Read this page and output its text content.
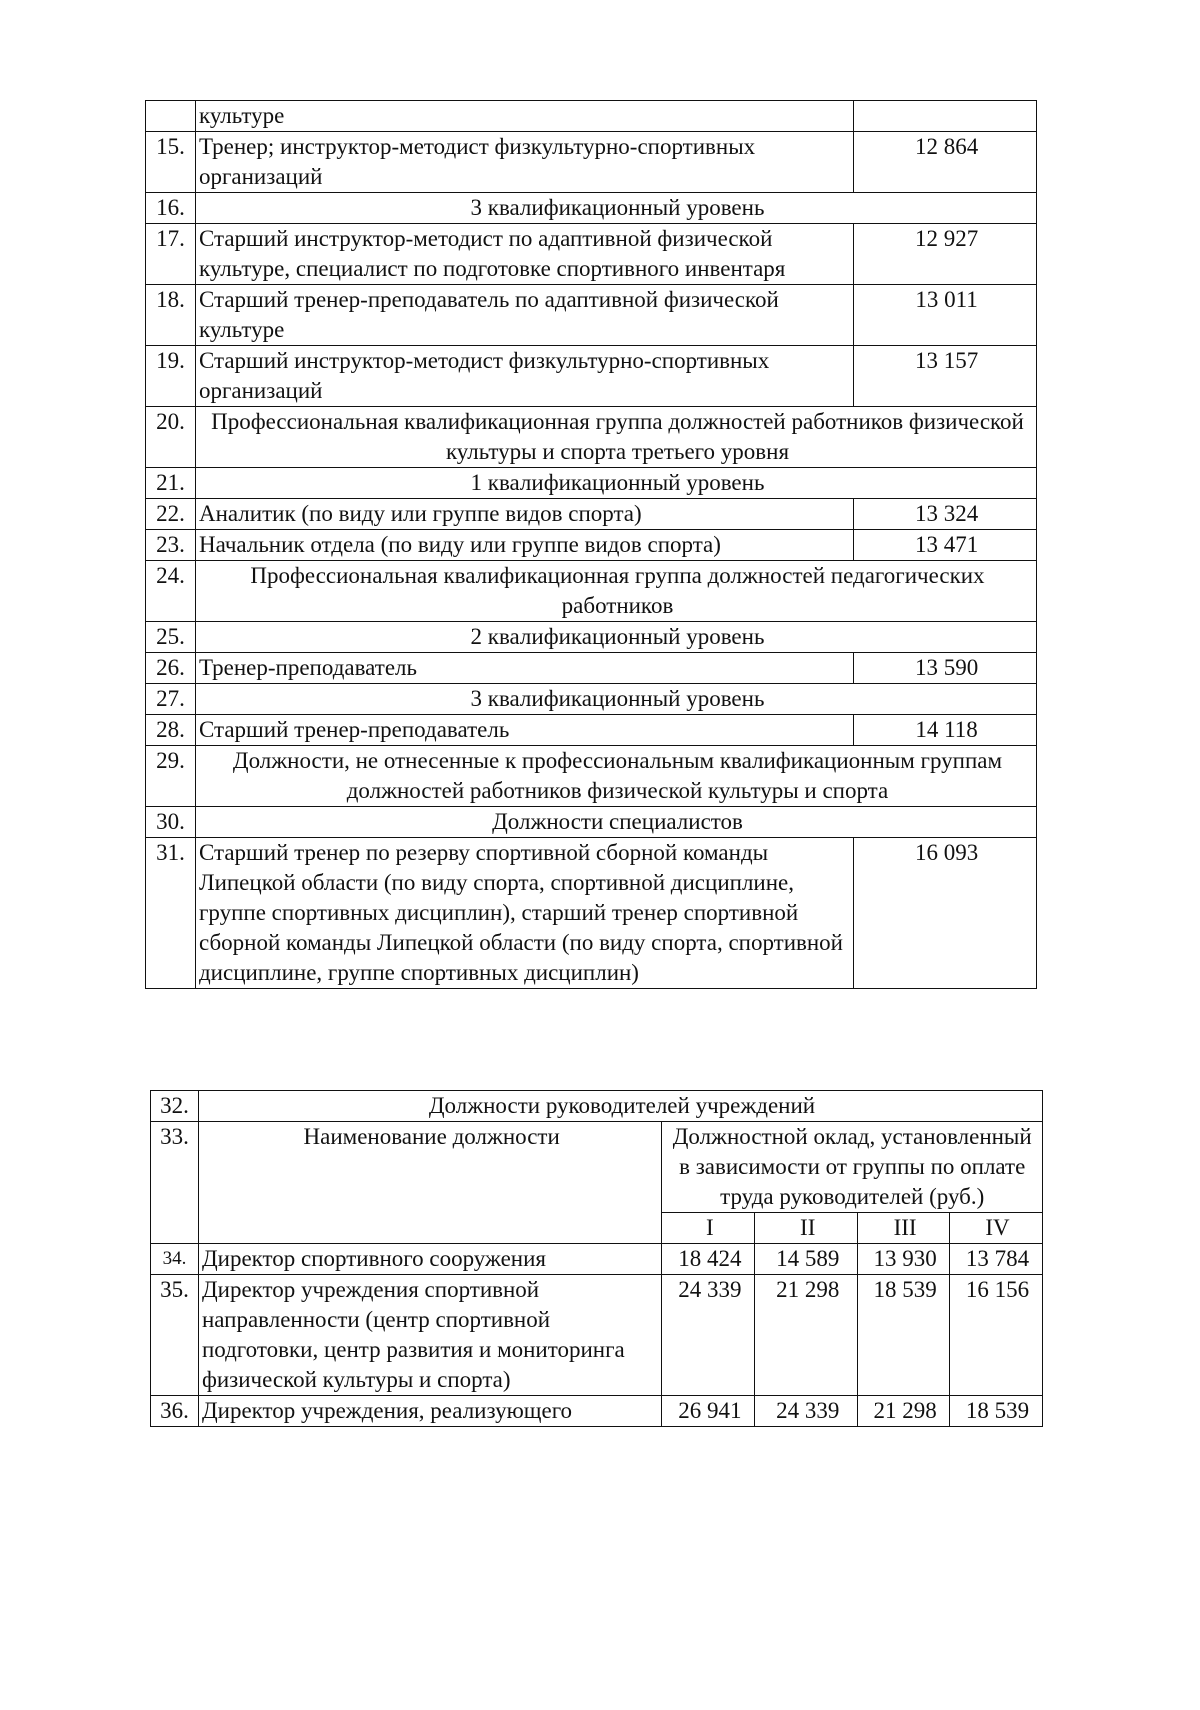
	культуре	
15.	Тренер; инструктор-методист физкультурно-спортивных организаций	12 864
16.	3 квалификационный уровень	
17.	Старший инструктор-методист по адаптивной физической культуре, специалист по подготовке спортивного инвентаря	12 927
18.	Старший тренер-преподаватель по адаптивной физической культуре	13 011
19.	Старший инструктор-методист физкультурно-спортивных организаций	13 157
20.	Профессиональная квалификационная группа должностей работников физической культуры и спорта третьего уровня	
21.	1 квалификационный уровень	
22.	Аналитик (по виду или группе видов спорта)	13 324
23.	Начальник отдела (по виду или группе видов спорта)	13 471
24.	Профессиональная квалификационная группа должностей педагогических работников	
25.	2 квалификационный уровень	
26.	Тренер-преподаватель	13 590
27.	3 квалификационный уровень	
28.	Старший тренер-преподаватель	14 118
29.	Должности, не отнесенные к профессиональным квалификационным группам должностей работников физической культуры и спорта	
30.	Должности специалистов	
31.	Старший тренер по резерву спортивной сборной команды Липецкой области (по виду спорта, спортивной дисциплине, группе спортивных дисциплин), старший тренер спортивной сборной команды Липецкой области (по виду спорта, спортивной дисциплине, группе спортивных дисциплин)	16 093
32.	Должности руководителей учреждений				
33.	Наименование должности	Должностной оклад, установленный в зависимости от группы по оплате труда руководителей (руб.)			
		I	II	III	IV
34.	Директор спортивного сооружения	18 424	14 589	13 930	13 784
35.	Директор учреждения спортивной направленности (центр спортивной подготовки, центр развития и мониторинга физической культуры и спорта)	24 339	21 298	18 539	16 156
36.	Директор учреждения, реализующего	26 941	24 339	21 298	18 539
